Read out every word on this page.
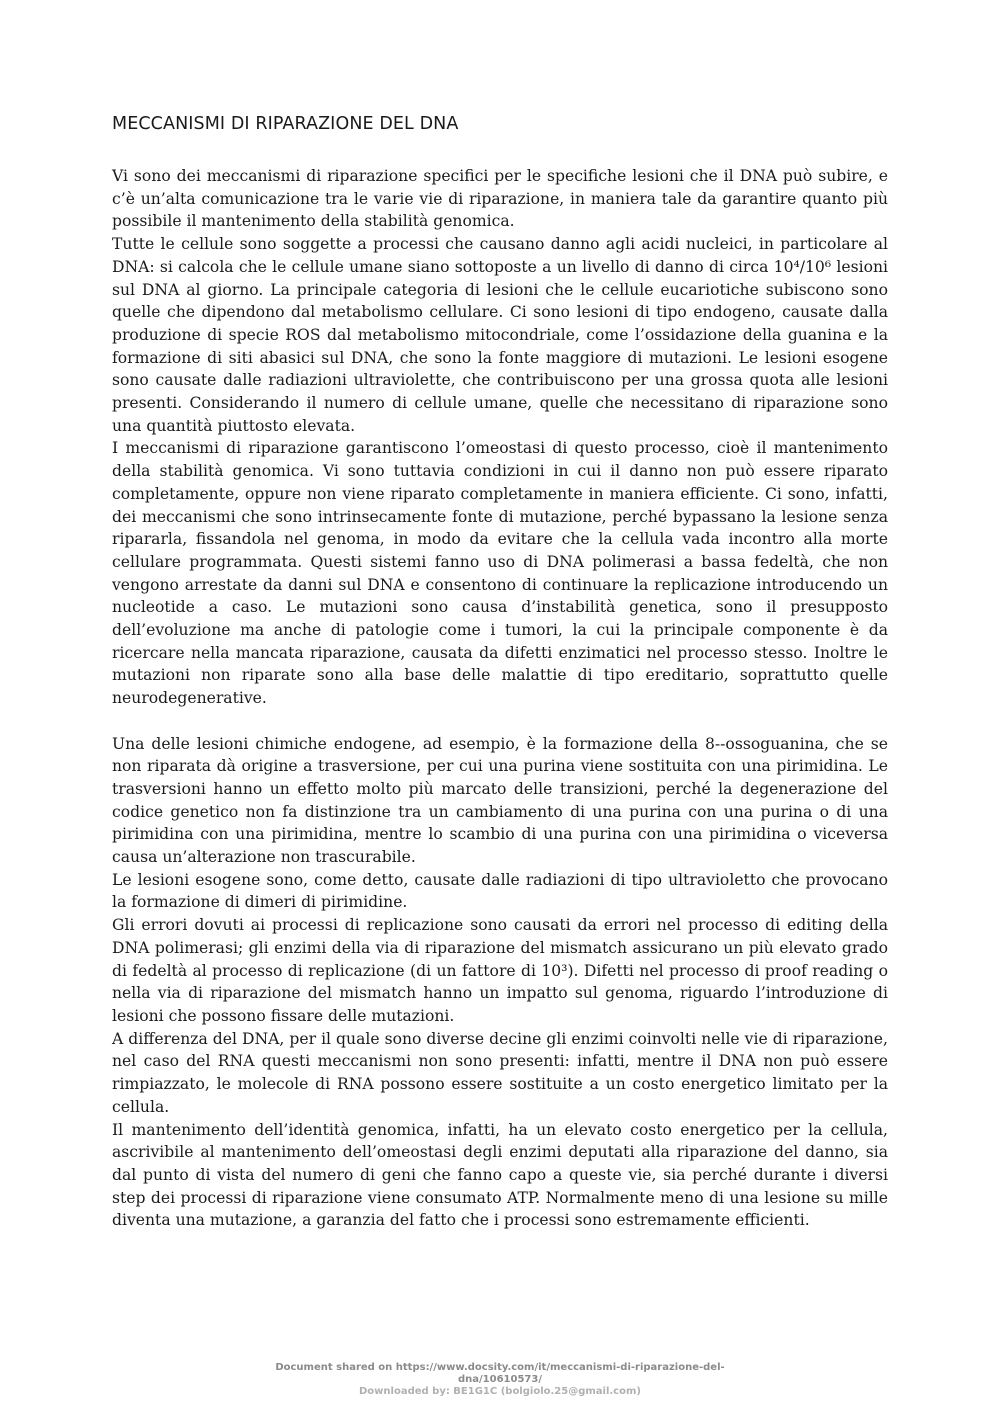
MECCANISMI DI RIPARAZIONE DEL DNA

Vi sono dei meccanismi di riparazione specifici per le specifiche lesioni che il DNA può subire, e c’è un’alta comunicazione tra le varie vie di riparazione, in maniera tale da garantire quanto più possibile il mantenimento della stabilità genomica.

Tutte le cellule sono soggette a processi che causano danno agli acidi nucleici, in particolare al DNA: si calcola che le cellule umane siano sottoposte a un livello di danno di circa 10⁴/10⁶ lesioni sul DNA al giorno. La principale categoria di lesioni che le cellule eucariotiche subiscono sono quelle che dipendono dal metabolismo cellulare. Ci sono lesioni di tipo endogeno, causate dalla produzione di specie ROS dal metabolismo mitocondriale, come l’ossidazione della guanina e la formazione di siti abasici sul DNA, che sono la fonte maggiore di mutazioni. Le lesioni esogene sono causate dalle radiazioni ultraviolette, che contribuiscono per una grossa quota alle lesioni presenti. Considerando il numero di cellule umane, quelle che necessitano di riparazione sono una quantità piuttosto elevata.

I meccanismi di riparazione garantiscono l’omeostasi di questo processo, cioè il mantenimento della stabilità genomica. Vi sono tuttavia condizioni in cui il danno non può essere riparato completamente, oppure non viene riparato completamente in maniera efficiente. Ci sono, infatti, dei meccanismi che sono intrinsecamente fonte di mutazione, perché bypassano la lesione senza ripararla, fissandola nel genoma, in modo da evitare che la cellula vada incontro alla morte cellulare programmata. Questi sistemi fanno uso di DNA polimerasi a bassa fedeltà, che non vengono arrestate da danni sul DNA e consentono di continuare la replicazione introducendo un nucleotide a caso. Le mutazioni sono causa d’instabilità genetica, sono il presupposto dell’evoluzione ma anche di patologie come i tumori, la cui la principale componente è da ricercare nella mancata riparazione, causata da difetti enzimatici nel processo stesso. Inoltre le mutazioni non riparate sono alla base delle malattie di tipo ereditario, soprattutto quelle neurodegenerative.

Una delle lesioni chimiche endogene, ad esempio, è la formazione della 8--ossoguanina, che se non riparata dà origine a trasversione, per cui una purina viene sostituita con una pirimidina. Le trasversioni hanno un effetto molto più marcato delle transizioni, perché la degenerazione del codice genetico non fa distinzione tra un cambiamento di una purina con una purina o di una pirimidina con una pirimidina, mentre lo scambio di una purina con una pirimidina o viceversa causa un’alterazione non trascurabile.

Le lesioni esogene sono, come detto, causate dalle radiazioni di tipo ultravioletto che provocano la formazione di dimeri di pirimidine.

Gli errori dovuti ai processi di replicazione sono causati da errori nel processo di editing della DNA polimerasi; gli enzimi della via di riparazione del mismatch assicurano un più elevato grado di fedeltà al processo di replicazione (di un fattore di 10³). Difetti nel processo di proof reading o nella via di riparazione del mismatch hanno un impatto sul genoma, riguardo l’introduzione di lesioni che possono fissare delle mutazioni.

A differenza del DNA, per il quale sono diverse decine gli enzimi coinvolti nelle vie di riparazione, nel caso del RNA questi meccanismi non sono presenti: infatti, mentre il DNA non può essere rimpiazzato, le molecole di RNA possono essere sostituite a un costo energetico limitato per la cellula.

Il mantenimento dell’identità genomica, infatti, ha un elevato costo energetico per la cellula, ascrivibile al mantenimento dell’omeostasi degli enzimi deputati alla riparazione del danno, sia dal punto di vista del numero di geni che fanno capo a queste vie, sia perché durante i diversi step dei processi di riparazione viene consumato ATP. Normalmente meno di una lesione su mille diventa una mutazione, a garanzia del fatto che i processi sono estremamente efficienti.

Document shared on https://www.docsity.com/it/meccanismi-di-riparazione-del-
dna/10610573/
Downloaded by: BE1G1C (bolgiolo.25@gmail.com)
